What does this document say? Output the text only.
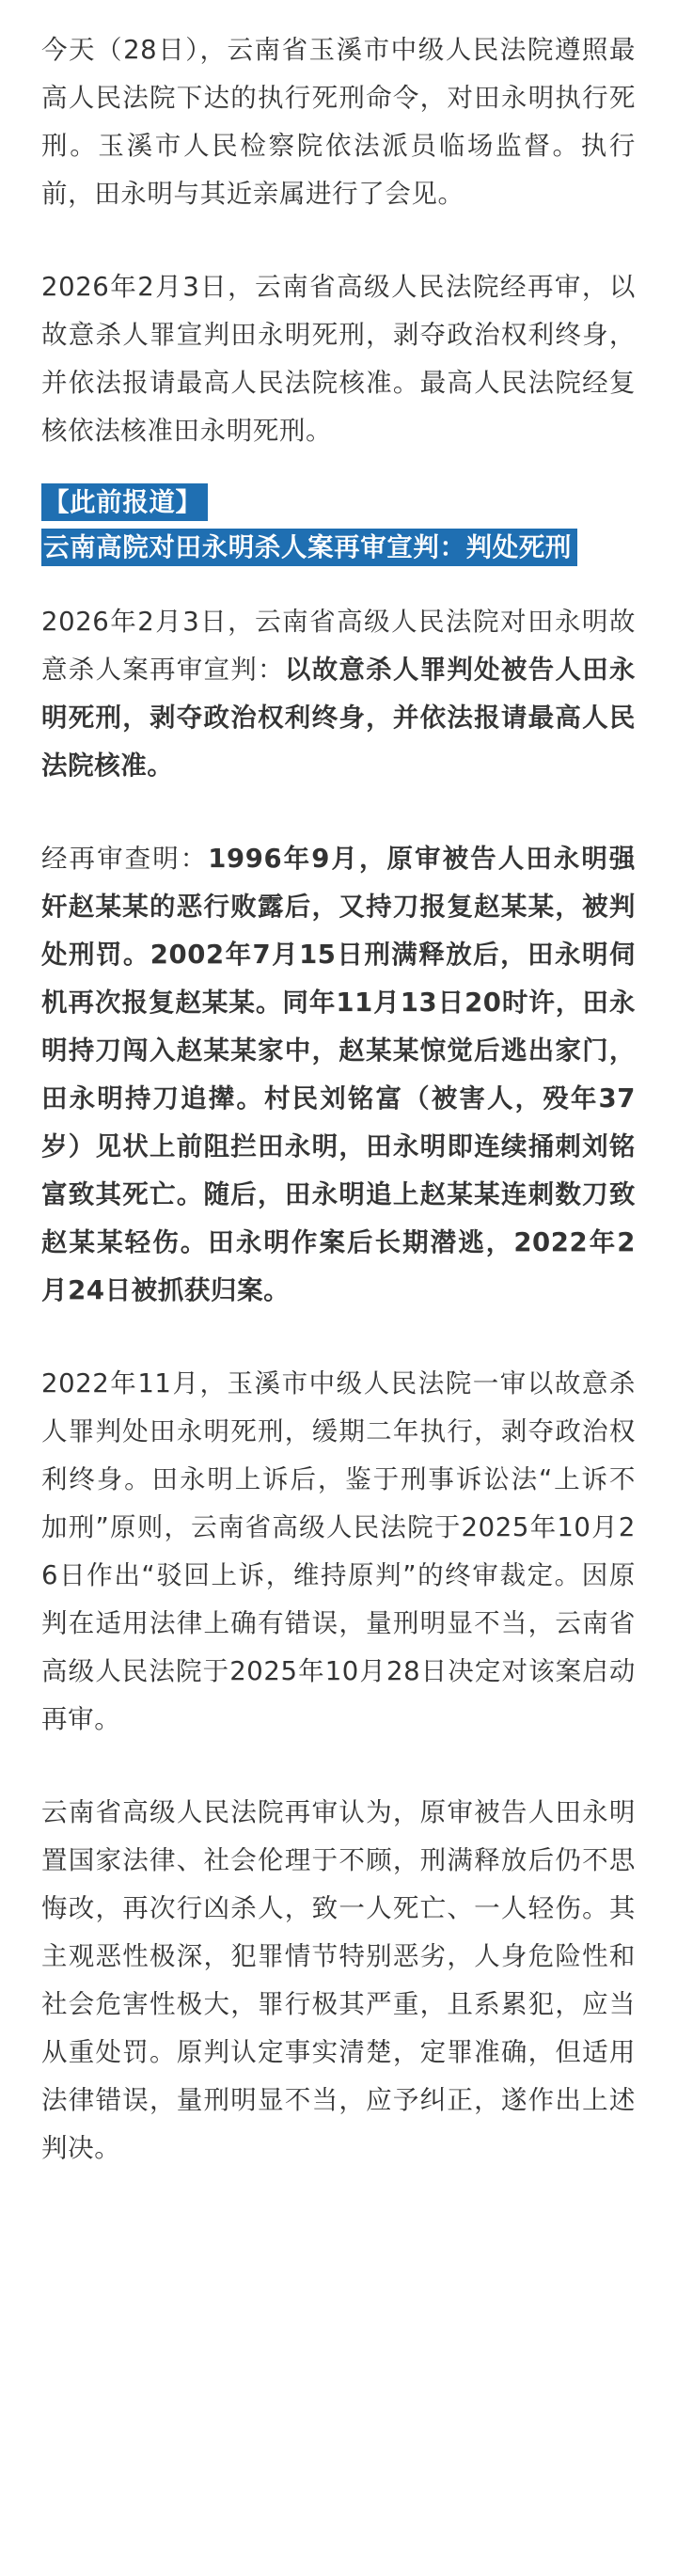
今天（28日），云南省玉溪市中级人民法院遵照最高人民法院下达的执行死刑命令，对田永明执行死刑。玉溪市人民检察院依法派员临场监督。执行前，田永明与其近亲属进行了会见。

2026年2月3日，云南省高级人民法院经再审，以故意杀人罪宣判田永明死刑，剥夺政治权利终身，并依法报请最高人民法院核准。最高人民法院经复核依法核准田永明死刑。

【此前报道】
云南高院对田永明杀人案再审宣判：判处死刑

2026年2月3日，云南省高级人民法院对田永明故意杀人案再审宣判：以故意杀人罪判处被告人田永明死刑，剥夺政治权利终身，并依法报请最高人民法院核准。

经再审查明：1996年9月，原审被告人田永明强奸赵某某的恶行败露后，又持刀报复赵某某，被判处刑罚。2002年7月15日刑满释放后，田永明伺机再次报复赵某某。同年11月13日20时许，田永明持刀闯入赵某某家中，赵某某惊觉后逃出家门，田永明持刀追撵。村民刘铭富（被害人，殁年37岁）见状上前阻拦田永明，田永明即连续捅刺刘铭富致其死亡。随后，田永明追上赵某某连刺数刀致赵某某轻伤。田永明作案后长期潜逃，2022年2月24日被抓获归案。

2022年11月，玉溪市中级人民法院一审以故意杀人罪判处田永明死刑，缓期二年执行，剥夺政治权利终身。田永明上诉后，鉴于刑事诉讼法“上诉不加刑”原则，云南省高级人民法院于2025年10月26日作出“驳回上诉，维持原判”的终审裁定。因原判在适用法律上确有错误，量刑明显不当，云南省高级人民法院于2025年10月28日决定对该案启动再审。

云南省高级人民法院再审认为，原审被告人田永明置国家法律、社会伦理于不顾，刑满释放后仍不思悔改，再次行凶杀人，致一人死亡、一人轻伤。其主观恶性极深，犯罪情节特别恶劣，人身危险性和社会危害性极大，罪行极其严重，且系累犯，应当从重处罚。原判认定事实清楚，定罪准确，但适用法律错误，量刑明显不当，应予纠正，遂作出上述判决。
